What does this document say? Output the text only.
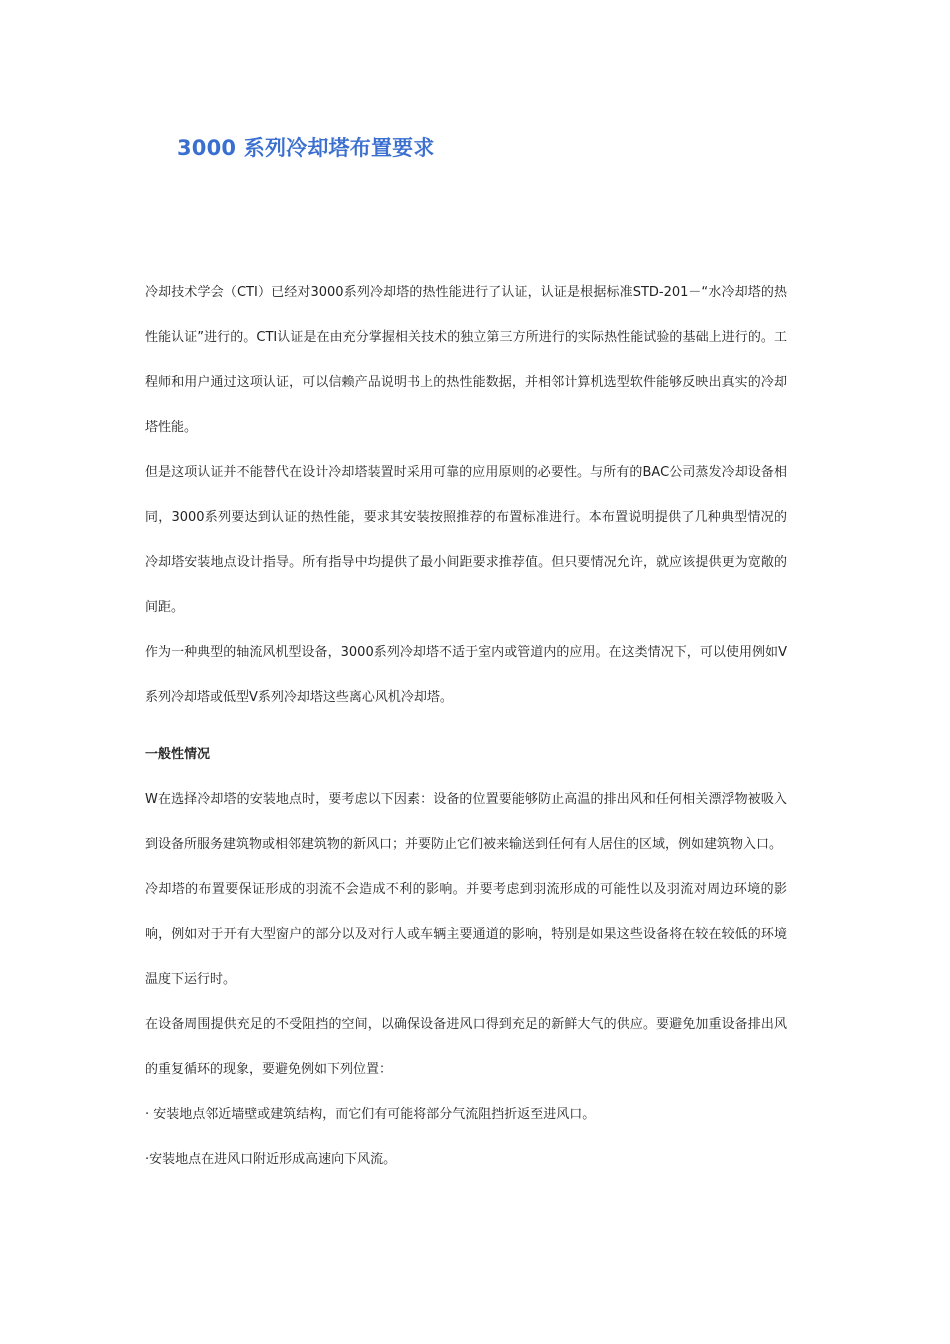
3000 系列冷却塔布置要求

冷却技术学会（CTI）已经对3000系列冷却塔的热性能进行了认证，认证是根据标准STD-201－“水冷却塔的热性能认证”进行的。CTI认证是在由充分掌握相关技术的独立第三方所进行的实际热性能试验的基础上进行的。工程师和用户通过这项认证，可以信赖产品说明书上的热性能数据，并相邻计算机选型软件能够反映出真实的冷却塔性能。

但是这项认证并不能替代在设计冷却塔装置时采用可靠的应用原则的必要性。与所有的BAC公司蒸发冷却设备相同，3000系列要达到认证的热性能，要求其安装按照推荐的布置标准进行。本布置说明提供了几种典型情况的冷却塔安装地点设计指导。所有指导中均提供了最小间距要求推荐值。但只要情况允许，就应该提供更为宽敞的间距。

作为一种典型的轴流风机型设备，3000系列冷却塔不适于室内或管道内的应用。在这类情况下，可以使用例如V系列冷却塔或低型V系列冷却塔这些离心风机冷却塔。

一般性情况

W在选择冷却塔的安装地点时，要考虑以下因素：设备的位置要能够防止高温的排出风和任何相关漂浮物被吸入到设备所服务建筑物或相邻建筑物的新风口；并要防止它们被来输送到任何有人居住的区域，例如建筑物入口。

冷却塔的布置要保证形成的羽流不会造成不利的影响。并要考虑到羽流形成的可能性以及羽流对周边环境的影响，例如对于开有大型窗户的部分以及对行人或车辆主要通道的影响，特别是如果这些设备将在较在较低的环境温度下运行时。

在设备周围提供充足的不受阻挡的空间，以确保设备进风口得到充足的新鲜大气的供应。要避免加重设备排出风的重复循环的现象，要避免例如下列位置：

· 安装地点邻近墙壁或建筑结构，而它们有可能将部分气流阻挡折返至进风口。

·安装地点在进风口附近形成高速向下风流。
